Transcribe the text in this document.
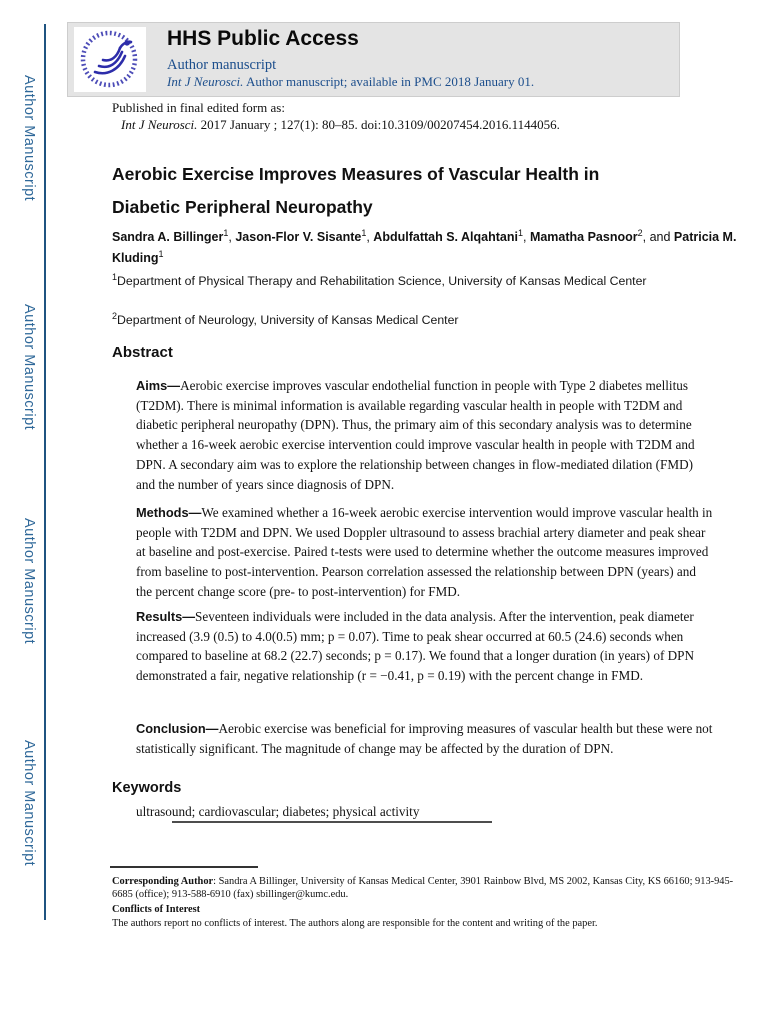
Author Manuscript
Author Manuscript
Author Manuscript
Author Manuscript
HHS Public Access
Author manuscript
Int J Neurosci. Author manuscript; available in PMC 2018 January 01.
Published in final edited form as:
Int J Neurosci. 2017 January ; 127(1): 80–85. doi:10.3109/00207454.2016.1144056.
Aerobic Exercise Improves Measures of Vascular Health in Diabetic Peripheral Neuropathy
Sandra A. Billinger$^1$, Jason-Flor V. Sisante$^1$, Abdulfattah S. Alqahtani$^1$, Mamatha Pasnoor$^2$, and Patricia M. Kluding$^1$
$^1$Department of Physical Therapy and Rehabilitation Science, University of Kansas Medical Center
$^2$Department of Neurology, University of Kansas Medical Center
Abstract

Aims—Aerobic exercise improves vascular endothelial function in people with Type 2 diabetes mellitus (T2DM). There is minimal information is available regarding vascular health in people with T2DM and diabetic peripheral neuropathy (DPN). Thus, the primary aim of this secondary analysis was to determine whether a 16-week aerobic exercise intervention could improve vascular health in people with T2DM and DPN. A secondary aim was to explore the relationship between changes in flow-mediated dilation (FMD) and the number of years since diagnosis of DPN.

Methods—We examined whether a 16-week aerobic exercise intervention would improve vascular health in people with T2DM and DPN. We used Doppler ultrasound to assess brachial artery diameter and peak shear at baseline and post-exercise. Paired t-tests were used to determine whether the outcome measures improved from baseline to post-intervention. Pearson correlation assessed the relationship between DPN (years) and the percent change score (pre- to post-intervention) for FMD.

Results—Seventeen individuals were included in the data analysis. After the intervention, peak diameter increased (3.9 (0.5) to 4.0(0.5) mm; p = 0.07). Time to peak shear occurred at 60.5 (24.6) seconds when compared to baseline at 68.2 (22.7) seconds; p = 0.17). We found that a longer duration (in years) of DPN demonstrated a fair, negative relationship (r = −0.41, p = 0.19) with the percent change in FMD.

Conclusion—Aerobic exercise was beneficial for improving measures of vascular health but these were not statistically significant. The magnitude of change may be affected by the duration of DPN.

Keywords
ultrasound; cardiovascular; diabetes; physical activity

Corresponding Author: Sandra A Billinger, University of Kansas Medical Center, 3901 Rainbow Blvd, MS 2002, Kansas City, KS 66160; 913-945-6685 (office); 913-588-6910 (fax) sbillinger@kumc.edu.

Conflicts of Interest

The authors report no conflicts of interest. The authors along are responsible for the content and writing of the paper.
